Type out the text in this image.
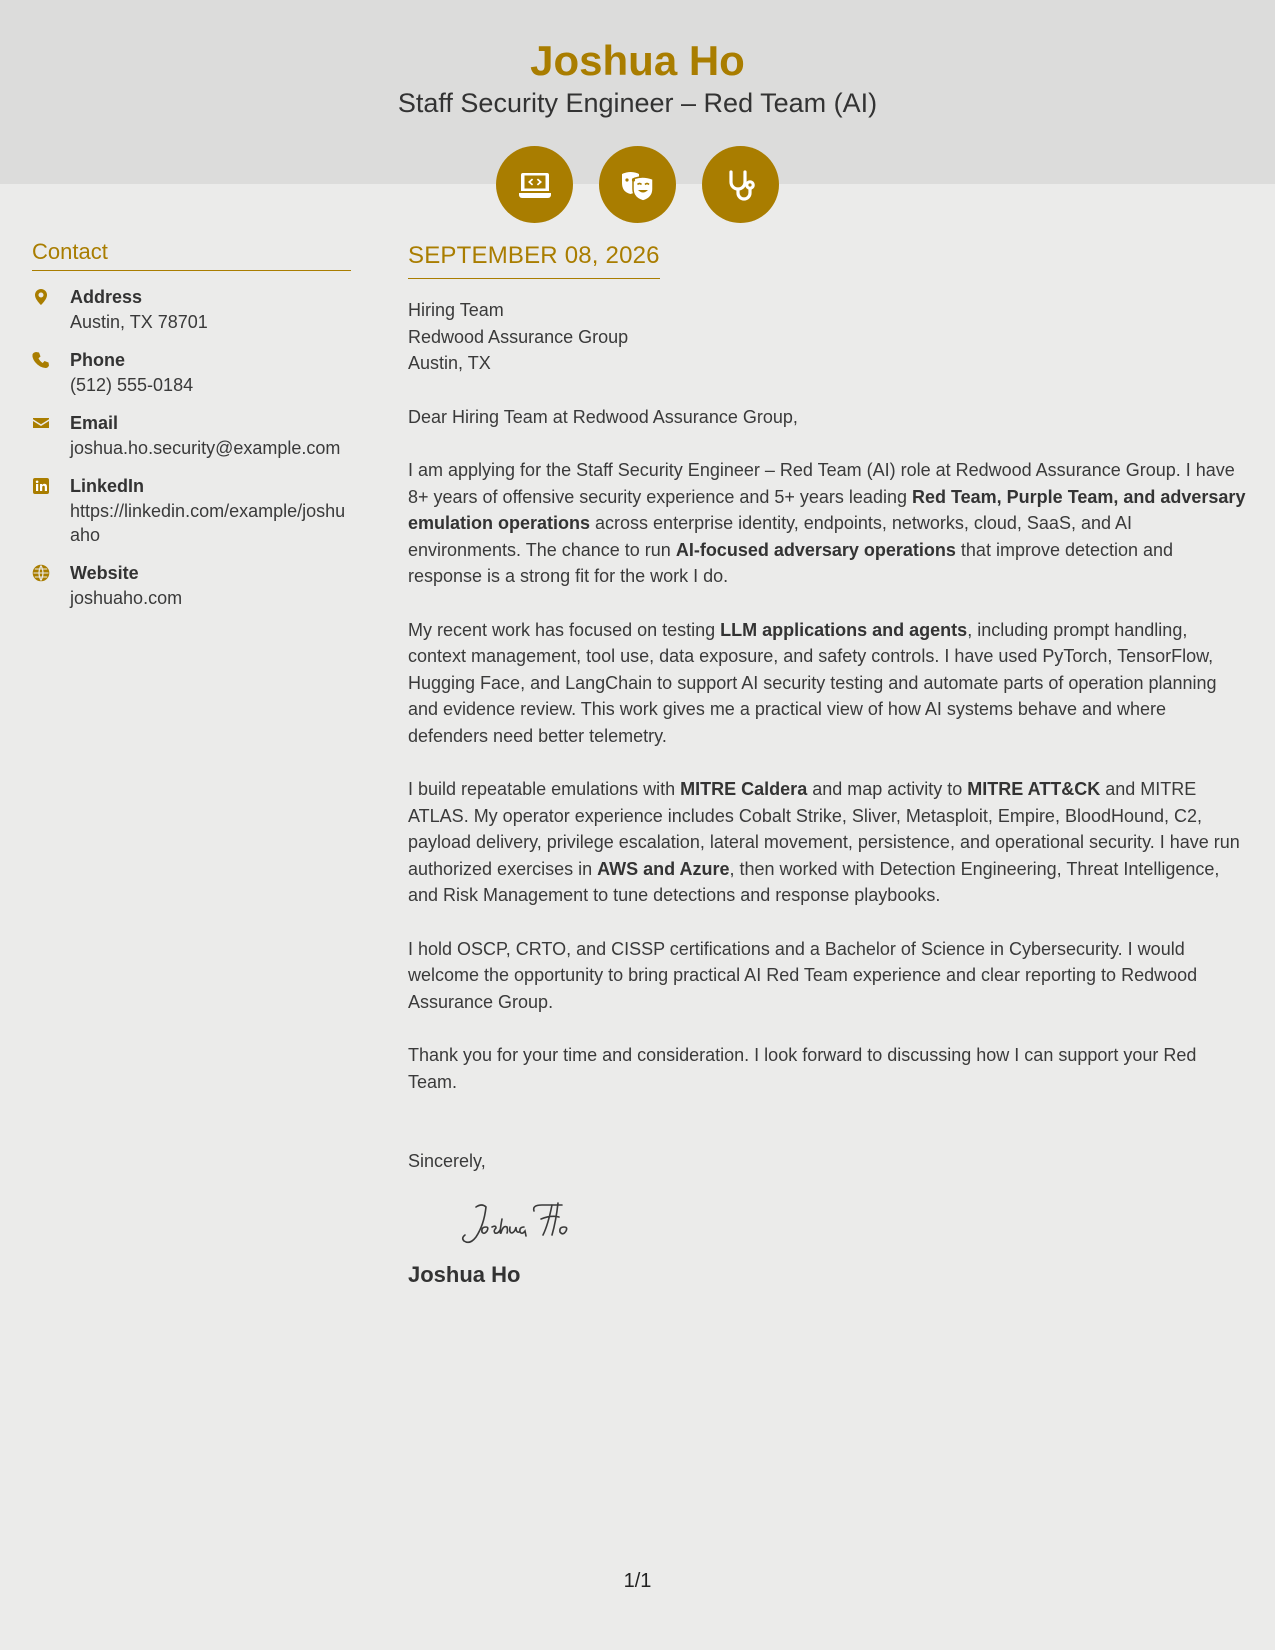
Joshua Ho
Staff Security Engineer – Red Team (AI)
Contact
Address
Austin, TX 78701
Phone
(512) 555-0184
Email
joshua.ho.security@example.com
LinkedIn
https://linkedin.com/example/joshuaho
Website
joshuaho.com
SEPTEMBER 08, 2026
Hiring Team
Redwood Assurance Group
Austin, TX
Dear Hiring Team at Redwood Assurance Group,

I am applying for the Staff Security Engineer – Red Team (AI) role at Redwood Assurance Group. I have 8+ years of offensive security experience and 5+ years leading Red Team, Purple Team, and adversary emulation operations across enterprise identity, endpoints, networks, cloud, SaaS, and AI environments. The chance to run AI-focused adversary operations that improve detection and response is a strong fit for the work I do.

My recent work has focused on testing LLM applications and agents, including prompt handling, context management, tool use, data exposure, and safety controls. I have used PyTorch, TensorFlow, Hugging Face, and LangChain to support AI security testing and automate parts of operation planning and evidence review. This work gives me a practical view of how AI systems behave and where defenders need better telemetry.

I build repeatable emulations with MITRE Caldera and map activity to MITRE ATT&CK and MITRE ATLAS. My operator experience includes Cobalt Strike, Sliver, Metasploit, Empire, BloodHound, C2, payload delivery, privilege escalation, lateral movement, persistence, and operational security. I have run authorized exercises in AWS and Azure, then worked with Detection Engineering, Threat Intelligence, and Risk Management to tune detections and response playbooks.

I hold OSCP, CRTO, and CISSP certifications and a Bachelor of Science in Cybersecurity. I would welcome the opportunity to bring practical AI Red Team experience and clear reporting to Redwood Assurance Group.

Thank you for your time and consideration. I look forward to discussing how I can support your Red Team.

Sincerely,
Joshua Ho
1/1
